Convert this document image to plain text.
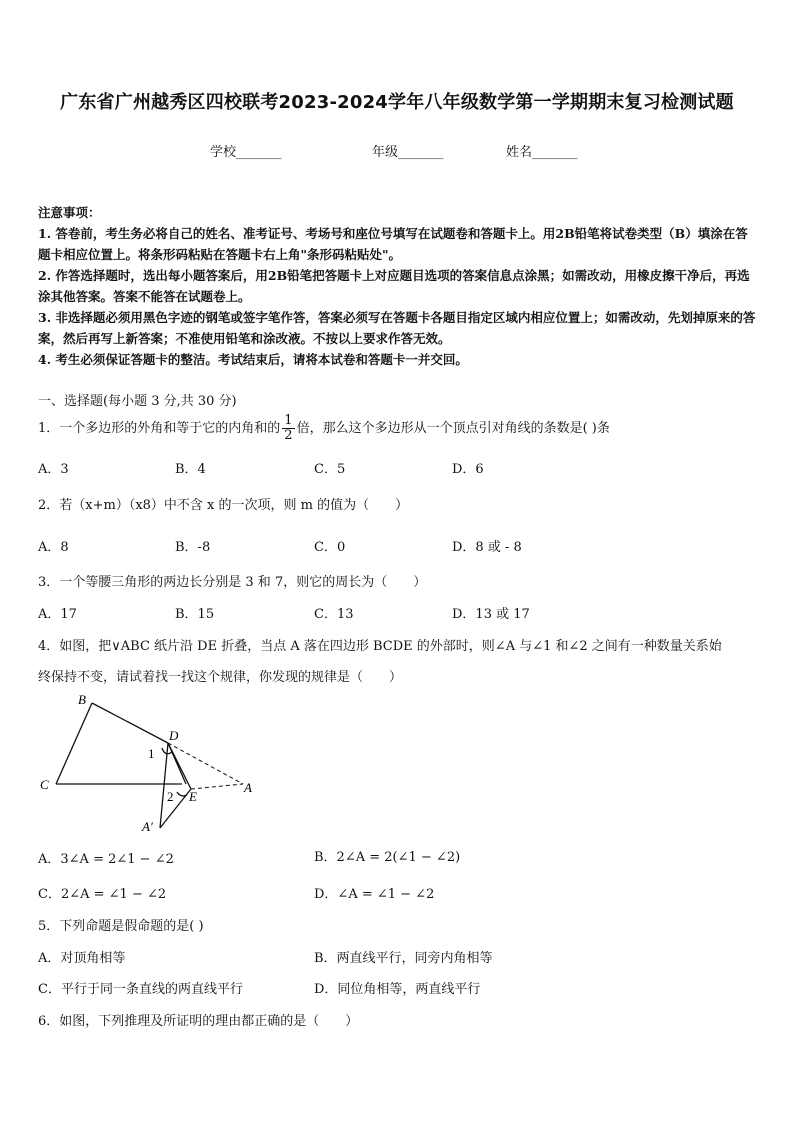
广东省广州越秀区四校联考2023-2024学年八年级数学第一学期期末复习检测试题
学校_______	年级_______	姓名_______
注意事项：
1. 答卷前，考生务必将自己的姓名、准考证号、考场号和座位号填写在试题卷和答题卡上。用2B铅笔将试卷类型（B）填涂在答题卡相应位置上。将条形码粘贴在答题卡右上角"条形码粘贴处"。
2. 作答选择题时，选出每小题答案后，用2B铅笔把答题卡上对应题目选项的答案信息点涂黑；如需改动，用橡皮擦干净后，再选涂其他答案。答案不能答在试题卷上。
3. 非选择题必须用黑色字迹的钢笔或签字笔作答，答案必须写在答题卡各题目指定区域内相应位置上；如需改动，先划掉原来的答案，然后再写上新答案；不准使用铅笔和涂改液。不按以上要求作答无效。
4. 考生必须保证答题卡的整洁。考试结束后，请将本试卷和答题卡一并交回。
一、选择题(每小题 3 分,共 30 分)
1．一个多边形的外角和等于它的内角和的 $\frac{1}{2}$ 倍，那么这个多边形从一个顶点引对角线的条数是( )条
A．3	B．4	C．5	D．6
2．若（x+m）（x8）中不含 x 的一次项，则 m 的值为（　　）
A．8	B．-8	C．0	D．8 或 - 8
3．一个等腰三角形的两边长分别是 3 和 7，则它的周长为（　　）
A．17	B．15	C．13	D．13 或 17
4．如图，把∨ABC 纸片沿 DE 折叠，当点 A 落在四边形 BCDE 的外部时，则∠A 与∠1 和∠2 之间有一种数量关系始
终保持不变，请试着找一找这个规律，你发现的规律是（　　）
B
C
D
E
A
A′
1
2
A．3∠A = 2∠1 − ∠2	B．2∠A = 2(∠1 − ∠2)
C．2∠A = ∠1 − ∠2	D．∠A = ∠1 − ∠2
5．下列命题是假命题的是( )
A．对顶角相等	B．两直线平行，同旁内角相等
C．平行于同一条直线的两直线平行	D．同位角相等，两直线平行
6．如图，下列推理及所证明的理由都正确的是（　　）
